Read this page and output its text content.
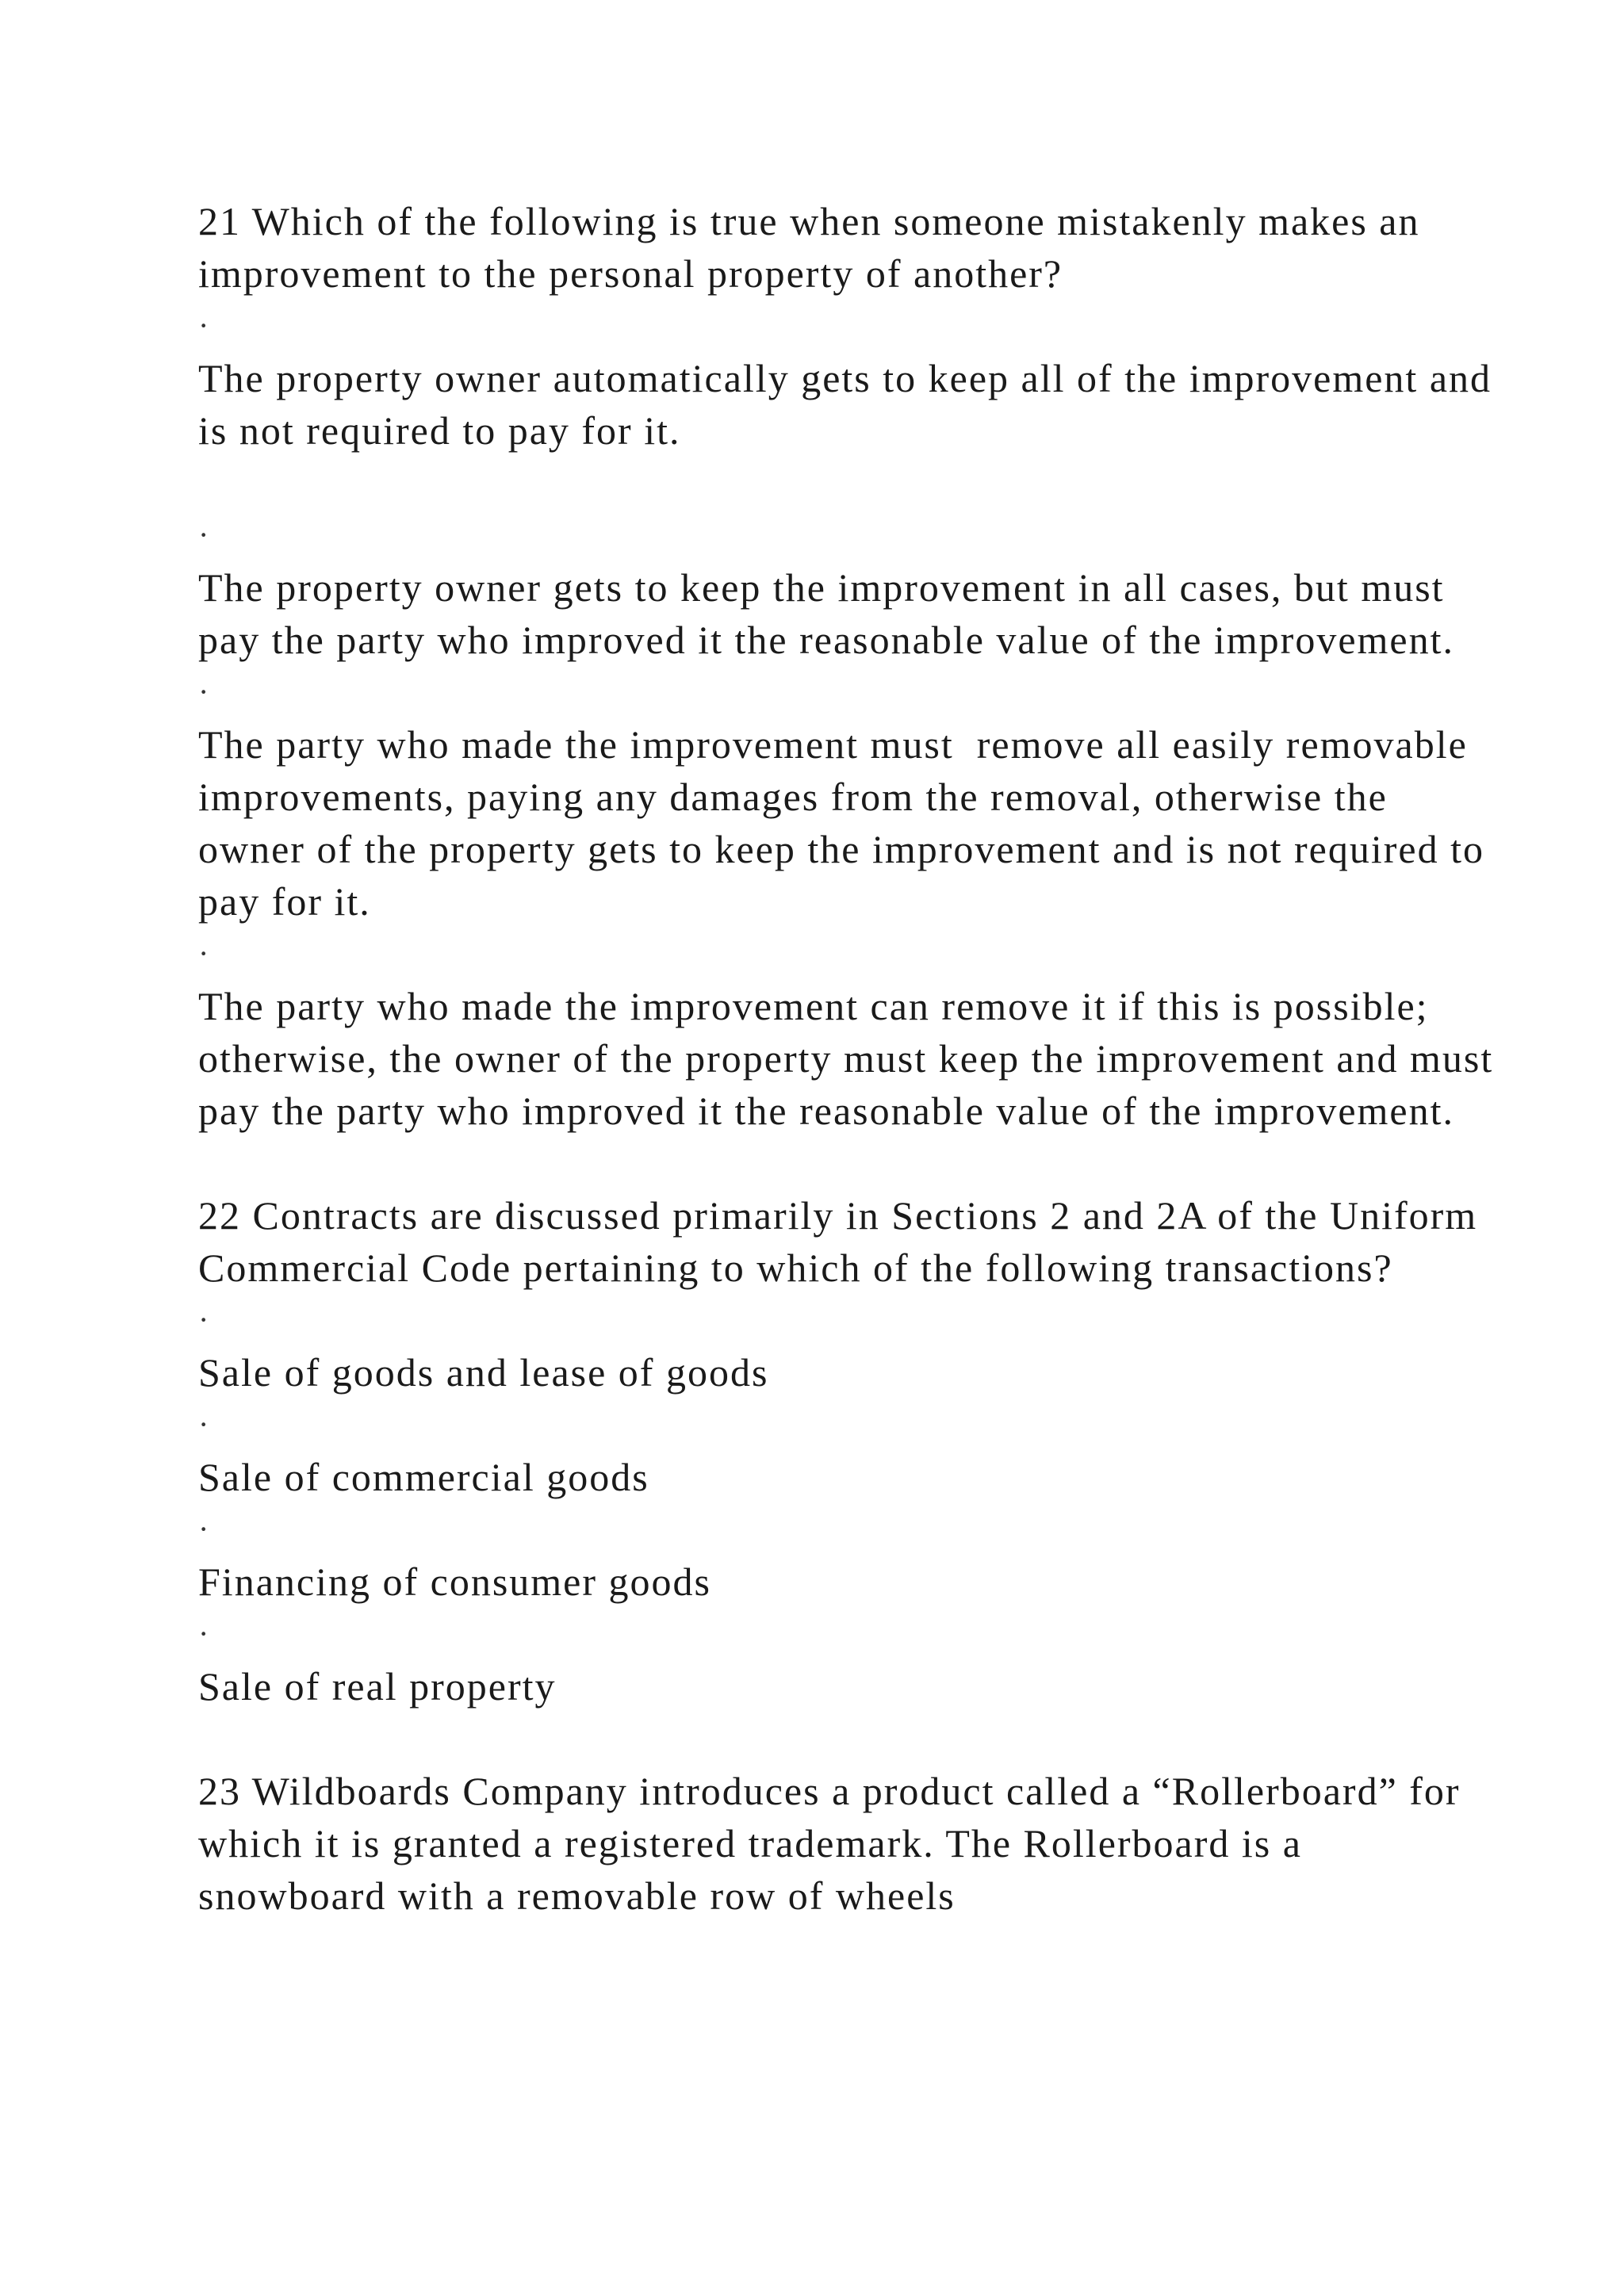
21 Which of the following is true when someone mistakenly makes an improvement to the personal property of another?

·

The property owner automatically gets to keep all of the improvement and is not required to pay for it.

·

The property owner gets to keep the improvement in all cases, but must pay the party who improved it the reasonable value of the improvement.

·

The party who made the improvement must  remove all easily removable improvements, paying any damages from the removal, otherwise the owner of the property gets to keep the improvement and is not required to pay for it.

·

The party who made the improvement can remove it if this is possible; otherwise, the owner of the property must keep the improvement and must pay the party who improved it the reasonable value of the improvement.

22 Contracts are discussed primarily in Sections 2 and 2A of the Uniform Commercial Code pertaining to which of the following transactions?

·

Sale of goods and lease of goods

·

Sale of commercial goods

·

Financing of consumer goods

·

Sale of real property

23 Wildboards Company introduces a product called a “Rollerboard” for which it is granted a registered trademark. The Rollerboard is a snowboard with a removable row of wheels
